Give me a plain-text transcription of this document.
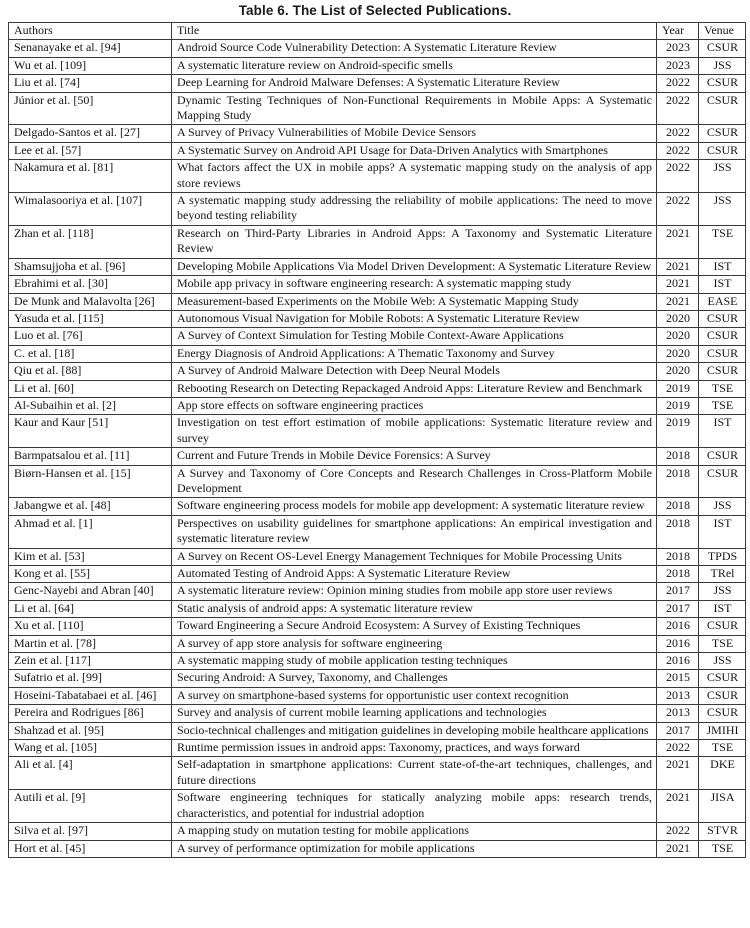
Table 6. The List of Selected Publications.
Authors	Title	Year	Venue
Senanayake et al. [94]	Android Source Code Vulnerability Detection: A Systematic Literature Review	2023	CSUR
Wu et al. [109]	A systematic literature review on Android-specific smells	2023	JSS
Liu et al. [74]	Deep Learning for Android Malware Defenses: A Systematic Literature Review	2022	CSUR
Júnior et al. [50]	Dynamic Testing Techniques of Non-Functional Requirements in Mobile Apps: A Systematic Mapping Study	2022	CSUR
Delgado-Santos et al. [27]	A Survey of Privacy Vulnerabilities of Mobile Device Sensors	2022	CSUR
Lee et al. [57]	A Systematic Survey on Android API Usage for Data-Driven Analytics with Smartphones	2022	CSUR
Nakamura et al. [81]	What factors affect the UX in mobile apps? A systematic mapping study on the analysis of app store reviews	2022	JSS
Wimalasooriya et al. [107]	A systematic mapping study addressing the reliability of mobile applications: The need to move beyond testing reliability	2022	JSS
Zhan et al. [118]	Research on Third-Party Libraries in Android Apps: A Taxonomy and Systematic Literature Review	2021	TSE
Shamsujjoha et al. [96]	Developing Mobile Applications Via Model Driven Development: A Systematic Literature Review	2021	IST
Ebrahimi et al. [30]	Mobile app privacy in software engineering research: A systematic mapping study	2021	IST
De Munk and Malavolta [26]	Measurement-based Experiments on the Mobile Web: A Systematic Mapping Study	2021	EASE
Yasuda et al. [115]	Autonomous Visual Navigation for Mobile Robots: A Systematic Literature Review	2020	CSUR
Luo et al. [76]	A Survey of Context Simulation for Testing Mobile Context-Aware Applications	2020	CSUR
C. et al. [18]	Energy Diagnosis of Android Applications: A Thematic Taxonomy and Survey	2020	CSUR
Qiu et al. [88]	A Survey of Android Malware Detection with Deep Neural Models	2020	CSUR
Li et al. [60]	Rebooting Research on Detecting Repackaged Android Apps: Literature Review and Benchmark	2019	TSE
Al-Subaihin et al. [2]	App store effects on software engineering practices	2019	TSE
Kaur and Kaur [51]	Investigation on test effort estimation of mobile applications: Systematic literature review and survey	2019	IST
Barmpatsalou et al. [11]	Current and Future Trends in Mobile Device Forensics: A Survey	2018	CSUR
Biørn-Hansen et al. [15]	A Survey and Taxonomy of Core Concepts and Research Challenges in Cross-Platform Mobile Development	2018	CSUR
Jabangwe et al. [48]	Software engineering process models for mobile app development: A systematic literature review	2018	JSS
Ahmad et al. [1]	Perspectives on usability guidelines for smartphone applications: An empirical investigation and systematic literature review	2018	IST
Kim et al. [53]	A Survey on Recent OS-Level Energy Management Techniques for Mobile Processing Units	2018	TPDS
Kong et al. [55]	Automated Testing of Android Apps: A Systematic Literature Review	2018	TRel
Genc-Nayebi and Abran [40]	A systematic literature review: Opinion mining studies from mobile app store user reviews	2017	JSS
Li et al. [64]	Static analysis of android apps: A systematic literature review	2017	IST
Xu et al. [110]	Toward Engineering a Secure Android Ecosystem: A Survey of Existing Techniques	2016	CSUR
Martin et al. [78]	A survey of app store analysis for software engineering	2016	TSE
Zein et al. [117]	A systematic mapping study of mobile application testing techniques	2016	JSS
Sufatrio et al. [99]	Securing Android: A Survey, Taxonomy, and Challenges	2015	CSUR
Hoseini-Tabatabaei et al. [46]	A survey on smartphone-based systems for opportunistic user context recognition	2013	CSUR
Pereira and Rodrigues [86]	Survey and analysis of current mobile learning applications and technologies	2013	CSUR
Shahzad et al. [95]	Socio-technical challenges and mitigation guidelines in developing mobile healthcare applications	2017	JMIHI
Wang et al. [105]	Runtime permission issues in android apps: Taxonomy, practices, and ways forward	2022	TSE
Ali et al. [4]	Self-adaptation in smartphone applications: Current state-of-the-art techniques, challenges, and future directions	2021	DKE
Autili et al. [9]	Software engineering techniques for statically analyzing mobile apps: research trends, characteristics, and potential for industrial adoption	2021	JISA
Silva et al. [97]	A mapping study on mutation testing for mobile applications	2022	STVR
Hort et al. [45]	A survey of performance optimization for mobile applications	2021	TSE
